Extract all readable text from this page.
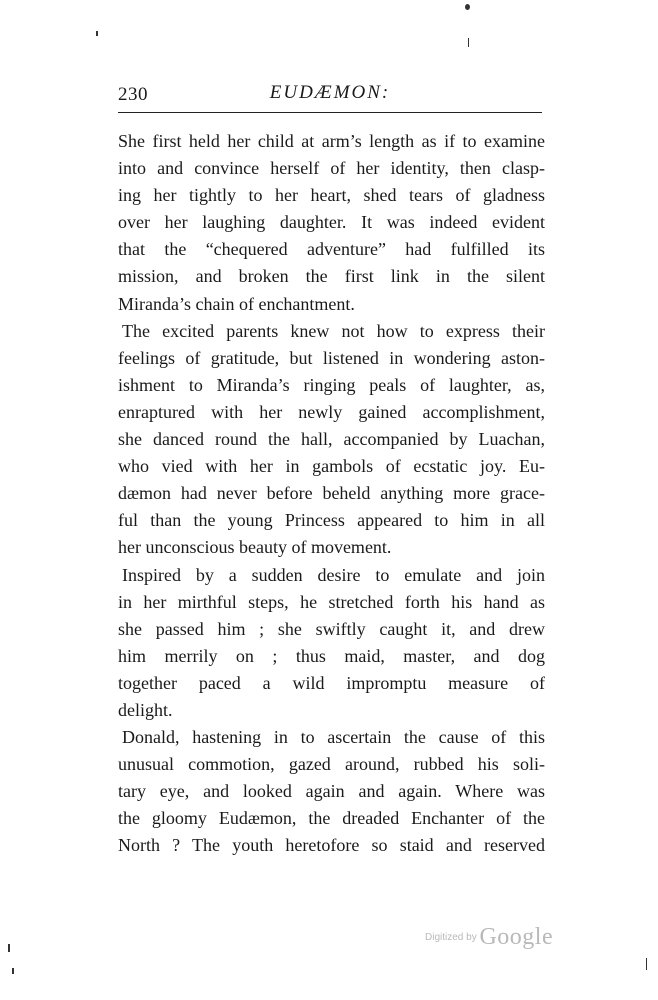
230	EUDÆMON:
She first held her child at arm’s length as if to examine
into and convince herself of her identity, then clasp-
ing her tightly to her heart, shed tears of gladness
over her laughing daughter. It was indeed evident
that the “chequered adventure” had fulfilled its
mission, and broken the first link in the silent
Miranda’s chain of enchantment.
The excited parents knew not how to express their
feelings of gratitude, but listened in wondering aston-
ishment to Miranda’s ringing peals of laughter, as,
enraptured with her newly gained accomplishment,
she danced round the hall, accompanied by Luachan,
who vied with her in gambols of ecstatic joy. Eu-
dæmon had never before beheld anything more grace-
ful than the young Princess appeared to him in all
her unconscious beauty of movement.
Inspired by a sudden desire to emulate and join
in her mirthful steps, he stretched forth his hand as
she passed him ; she swiftly caught it, and drew
him merrily on ; thus maid, master, and dog
together paced a wild impromptu measure of
delight.
Donald, hastening in to ascertain the cause of this
unusual commotion, gazed around, rubbed his soli-
tary eye, and looked again and again. Where was
the gloomy Eudæmon, the dreaded Enchanter of the
North ? The youth heretofore so staid and reserved
Digitized by Google
